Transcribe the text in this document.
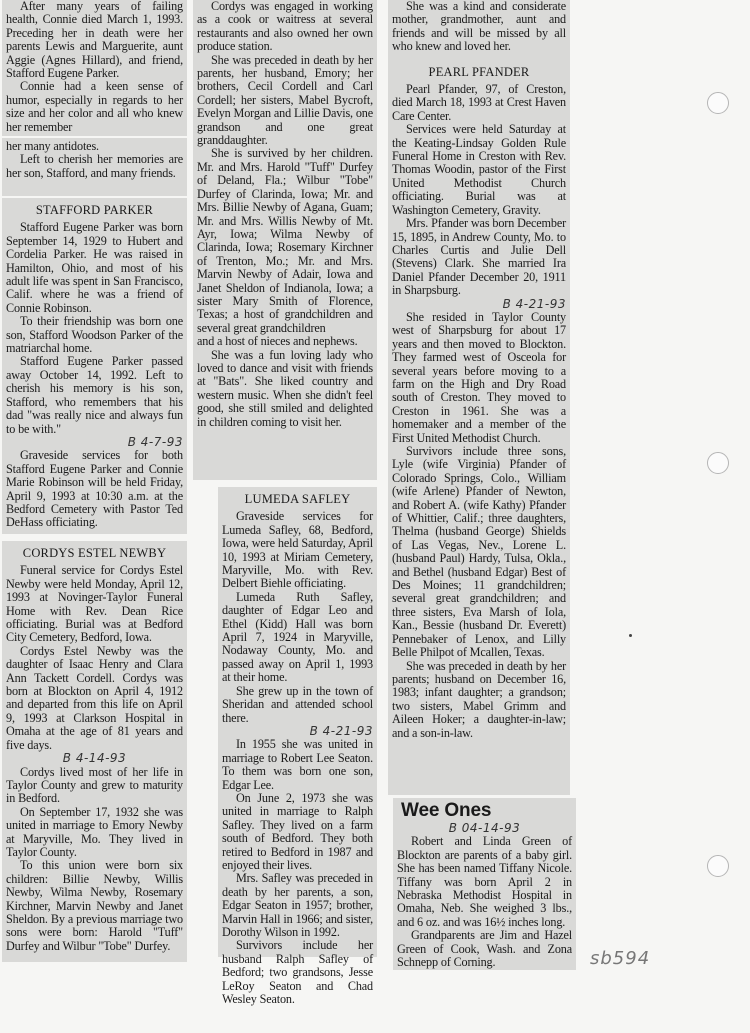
After many years of failing health, Connie died March 1, 1993. Preceding her in death were her parents Lewis and Marguerite, aunt Aggie (Agnes Hillard), and friend, Stafford Eugene Parker.

Connie had a keen sense of humor, especially in regards to her size and her color and all who knew her remember

her many antidotes.

Left to cherish her memories are her son, Stafford, and many friends.

STAFFORD PARKER

Stafford Eugene Parker was born September 14, 1929 to Hubert and Cordelia Parker. He was raised in Hamilton, Ohio, and most of his adult life was spent in San Francisco, Calif. where he was a friend of Connie Robinson.

To their friendship was born one son, Stafford Woodson Parker of the matriarchal home.

Stafford Eugene Parker passed away October 14, 1992. Left to cherish his memory is his son, Stafford, who remembers that his dad "was really nice and always fun to be with."

B 4-7-93

Graveside services for both Stafford Eugene Parker and Connie Marie Robinson will be held Friday, April 9, 1993 at 10:30 a.m. at the Bedford Cemetery with Pastor Ted DeHass officiating.

CORDYS ESTEL NEWBY

Funeral service for Cordys Estel Newby were held Monday, April 12, 1993 at Novinger-Taylor Funeral Home with Rev. Dean Rice officiating. Burial was at Bedford City Cemetery, Bedford, Iowa.

Cordys Estel Newby was the daughter of Isaac Henry and Clara Ann Tackett Cordell. Cordys was born at Blockton on April 4, 1912 and departed from this life on April 9, 1993 at Clarkson Hospital in Omaha at the age of 81 years and five days.

B 4-14-93

Cordys lived most of her life in Taylor County and grew to maturity in Bedford.

On September 17, 1932 she was united in marriage to Emory Newby at Maryville, Mo. They lived in Taylor County.

To this union were born six children: Billie Newby, Willis Newby, Wilma Newby, Rosemary Kirchner, Marvin Newby and Janet Sheldon. By a previous marriage two sons were born: Harold "Tuff" Durfey and Wilbur "Tobe" Durfey.

Cordys was engaged in working as a cook or waitress at several restaurants and also owned her own produce station.

She was preceded in death by her parents, her husband, Emory; her brothers, Cecil Cordell and Carl Cordell; her sisters, Mabel Bycroft, Evelyn Morgan and Lillie Davis, one grandson and one great granddaughter.

She is survived by her children. Mr. and Mrs. Harold "Tuff" Durfey of Deland, Fla.; Wilbur "Tobe" Durfey of Clarinda, Iowa; Mr. and Mrs. Billie Newby of Agana, Guam; Mr. and Mrs. Willis Newby of Mt. Ayr, Iowa; Wilma Newby of Clarinda, Iowa; Rosemary Kirchner of Trenton, Mo.; Mr. and Mrs. Marvin Newby of Adair, Iowa and Janet Sheldon of Indianola, Iowa; a sister Mary Smith of Florence, Texas; a host of grandchildren and several great grandchildren

and a host of nieces and nephews.

She was a fun loving lady who loved to dance and visit with friends at "Bats". She liked country and western music. When she didn't feel good, she still smiled and delighted in children coming to visit her.

LUMEDA SAFLEY

Graveside services for Lumeda Safley, 68, Bedford, Iowa, were held Saturday, April 10, 1993 at Miriam Cemetery, Maryville, Mo. with Rev. Delbert Biehle officiating.

Lumeda Ruth Safley, daughter of Edgar Leo and Ethel (Kidd) Hall was born April 7, 1924 in Maryville, Nodaway County, Mo. and passed away on April 1, 1993 at their home.

She grew up in the town of Sheridan and attended school there.

B 4-21-93

In 1955 she was united in marriage to Robert Lee Seaton. To them was born one son, Edgar Lee.

On June 2, 1973 she was united in marriage to Ralph Safley. They lived on a farm south of Bedford. They both retired to Bedford in 1987 and enjoyed their lives.

Mrs. Safley was preceded in death by her parents, a son, Edgar Seaton in 1957; brother, Marvin Hall in 1966; and sister, Dorothy Wilson in 1992.

Survivors include her husband Ralph Safley of Bedford; two grandsons, Jesse LeRoy Seaton and Chad Wesley Seaton.

She was a kind and considerate mother, grandmother, aunt and friends and will be missed by all who knew and loved her.

PEARL PFANDER

Pearl Pfander, 97, of Creston, died March 18, 1993 at Crest Haven Care Center.

Services were held Saturday at the Keating-Lindsay Golden Rule Funeral Home in Creston with Rev. Thomas Woodin, pastor of the First United Methodist Church officiating. Burial was at Washington Cemetery, Gravity.

Mrs. Pfander was born December 15, 1895, in Andrew County, Mo. to Charles Curtis and Julie Dell (Stevens) Clark. She married Ira Daniel Pfander December 20, 1911 in Sharpsburg.

B 4-21-93

She resided in Taylor County west of Sharpsburg for about 17 years and then moved to Blockton. They farmed west of Osceola for several years before moving to a farm on the High and Dry Road south of Creston. They moved to Creston in 1961. She was a homemaker and a member of the First United Methodist Church.

Survivors include three sons, Lyle (wife Virginia) Pfander of Colorado Springs, Colo., William (wife Arlene) Pfander of Newton, and Robert A. (wife Kathy) Pfander of Whittier, Calif.; three daughters, Thelma (husband George) Shields of Las Vegas, Nev., Lorene L. (husband Paul) Hardy, Tulsa, Okla., and Bethel (husband Edgar) Best of Des Moines; 11 grandchildren; several great grandchildren; and three sisters, Eva Marsh of Iola, Kan., Bessie (husband Dr. Everett) Pennebaker of Lenox, and Lilly Belle Philpot of Mcallen, Texas.

She was preceded in death by her parents; husband on December 16, 1983; infant daughter; a grandson; two sisters, Mabel Grimm and Aileen Hoker; a daughter-in-law; and a son-in-law.

Wee Ones

B 04-14-93

Robert and Linda Green of Blockton are parents of a baby girl. She has been named Tiffany Nicole. Tiffany was born April 2 in Nebraska Methodist Hospital in Omaha, Neb. She weighed 3 lbs., and 6 oz. and was 16½ inches long.

Grandparents are Jim and Hazel Green of Cook, Wash. and Zona Schnepp of Corning.	sb594
